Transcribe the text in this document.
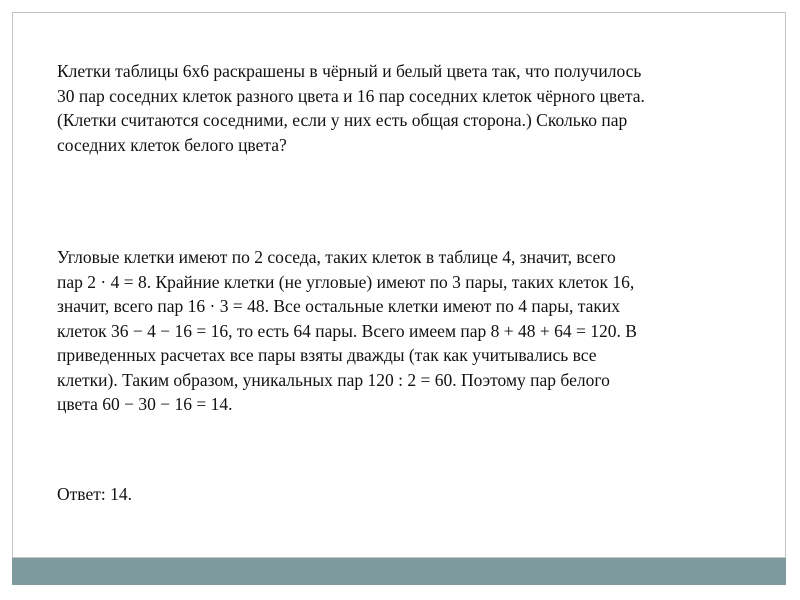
Клетки таблицы 6x6 раскрашены в чёрный и белый цвета так, что получилось
30 пар соседних клеток разного цвета и 16 пар соседних клеток чёрного цвета.
(Клетки считаются соседними, если у них есть общая сторона.) Сколько пар
соседних клеток белого цвета?

Угловые клетки имеют по 2 соседа, таких клеток в таблице 4, значит, всего
пар 2 · 4 = 8. Крайние клетки (не угловые) имеют по 3 пары, таких клеток 16,
значит, всего пар 16 · 3 = 48. Все остальные клетки имеют по 4 пары, таких
клеток 36 − 4 − 16 = 16, то есть 64 пары. Всего имеем пар 8 + 48 + 64 = 120. В
приведенных расчетах все пары взяты дважды (так как учитывались все
клетки). Таким образом, уникальных пар 120 : 2 = 60. Поэтому пар белого
цвета 60 − 30 − 16 = 14.

Ответ: 14.
